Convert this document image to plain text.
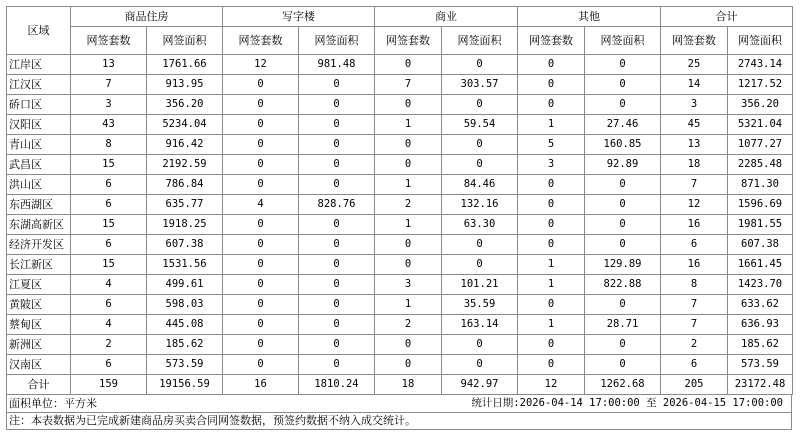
区域	商品住房		写字楼		商业		其他		合计	
	网签套数	网签面积	网签套数	网签面积	网签套数	网签面积	网签套数	网签面积	网签套数	网签面积
江岸区	13	1761.66	12	981.48	0	0	0	0	25	2743.14
江汉区	7	913.95	0	0	7	303.57	0	0	14	1217.52
硚口区	3	356.20	0	0	0	0	0	0	3	356.20
汉阳区	43	5234.04	0	0	1	59.54	1	27.46	45	5321.04
青山区	8	916.42	0	0	0	0	5	160.85	13	1077.27
武昌区	15	2192.59	0	0	0	0	3	92.89	18	2285.48
洪山区	6	786.84	0	0	1	84.46	0	0	7	871.30
东西湖区	6	635.77	4	828.76	2	132.16	0	0	12	1596.69
东湖高新区	15	1918.25	0	0	1	63.30	0	0	16	1981.55
经济开发区	6	607.38	0	0	0	0	0	0	6	607.38
长江新区	15	1531.56	0	0	0	0	1	129.89	16	1661.45
江夏区	4	499.61	0	0	3	101.21	1	822.88	8	1423.70
黄陂区	6	598.03	0	0	1	35.59	0	0	7	633.62
蔡甸区	4	445.08	0	0	2	163.14	1	28.71	7	636.93
新洲区	2	185.62	0	0	0	0	0	0	2	185.62
汉南区	6	573.59	0	0	0	0	0	0	6	573.59
合计	159	19156.59	16	1810.24	18	942.97	12	1262.68	205	23172.48
面积单位：平方米	统计日期:2026-04-14 17:00:00 至 2026-04-15 17:00:00
注：本表数据为已完成新建商品房买卖合同网签数据，预签约数据不纳入成交统计。
